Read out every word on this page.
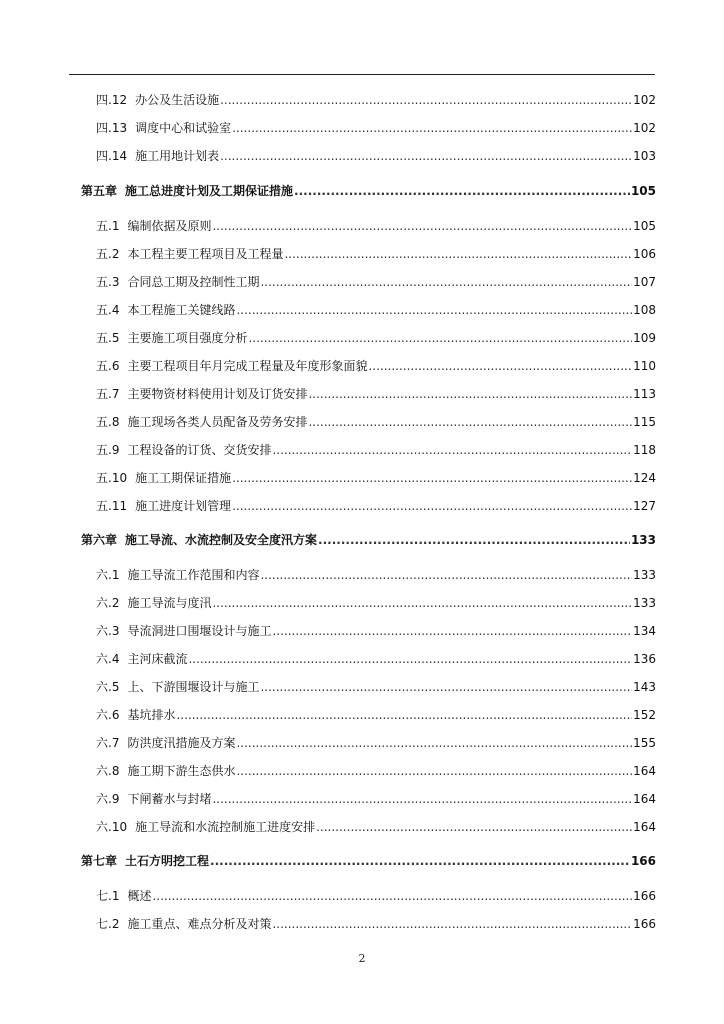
四.12 办公及生活设施 .....	102
四.13 调度中心和试验室 .....	102
四.14 施工用地计划表 .....	103
第五章 施工总进度计划及工期保证措施 .....	105
五.1 编制依据及原则 .....	105
五.2 本工程主要工程项目及工程量 .....	106
五.3 合同总工期及控制性工期 .....	107
五.4 本工程施工关键线路 .....	108
五.5 主要施工项目强度分析 .....	109
五.6 主要工程项目年月完成工程量及年度形象面貌 .....	110
五.7 主要物资材料使用计划及订货安排 .....	113
五.8 施工现场各类人员配备及劳务安排 .....	115
五.9 工程设备的订货、交货安排 .....	118
五.10 施工工期保证措施 .....	124
五.11 施工进度计划管理 .....	127
第六章 施工导流、水流控制及安全度汛方案 .....	133
六.1 施工导流工作范围和内容 .....	133
六.2 施工导流与度汛 .....	133
六.3 导流洞进口围堰设计与施工 .....	134
六.4 主河床截流 .....	136
六.5 上、下游围堰设计与施工 .....	143
六.6 基坑排水 .....	152
六.7 防洪度汛措施及方案 .....	155
六.8 施工期下游生态供水 .....	164
六.9 下闸蓄水与封堵 .....	164
六.10 施工导流和水流控制施工进度安排 .....	164
第七章 土石方明挖工程 .....	166
七.1 概述 .....	166
七.2 施工重点、难点分析及对策 .....	166
2
